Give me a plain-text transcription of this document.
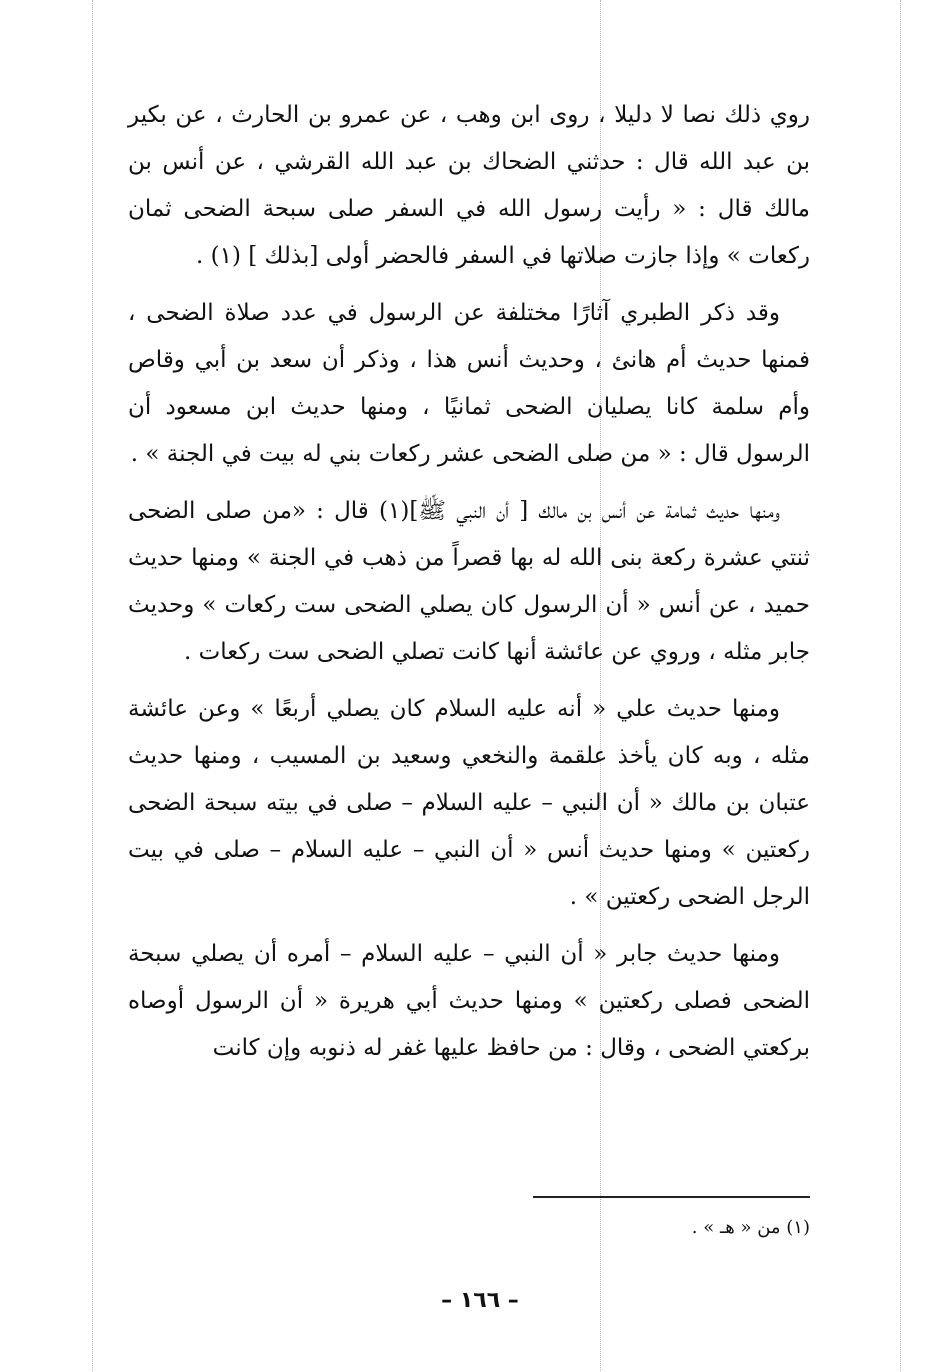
روي ذلك نصا لا دليلا ، روى ابن وهب ، عن عمرو بن الحارث ، عن بكير بن عبد الله قال : حدثني الضحاك بن عبد الله القرشي ، عن أنس بن مالك قال : « رأيت رسول الله في السفر صلى سبحة الضحى ثمان ركعات » وإذا جازت صلاتها في السفر فالحضر أولى [بذلك ] (١) .

وقد ذكر الطبري آثارًا مختلفة عن الرسول في عدد صلاة الضحى ، فمنها حديث أم هانئ ، وحديث أنس هذا ، وذكر أن سعد بن أبي وقاص وأم سلمة كانا يصليان الضحى ثمانيًا ، ومنها حديث ابن مسعود أن الرسول قال : « من صلى الضحى عشر ركعات بني له بيت في الجنة » .

ومنها حديث ثمامة عن أنس بن مالك [ أن النبي ﷺ](١) قال : «من صلى الضحى ثنتي عشرة ركعة بنى الله له بها قصراً من ذهب في الجنة » ومنها حديث حميد ، عن أنس « أن الرسول كان يصلي الضحى ست ركعات » وحديث جابر مثله ، وروي عن عائشة أنها كانت تصلي الضحى ست ركعات .

ومنها حديث علي « أنه عليه السلام كان يصلي أربعًا » وعن عائشة مثله ، وبه كان يأخذ علقمة والنخعي وسعيد بن المسيب ، ومنها حديث عتبان بن مالك « أن النبي – عليه السلام – صلى في بيته سبحة الضحى ركعتين » ومنها حديث أنس « أن النبي – عليه السلام – صلى في بيت الرجل الضحى ركعتين » .

ومنها حديث جابر « أن النبي – عليه السلام – أمره أن يصلي سبحة الضحى فصلى ركعتين » ومنها حديث أبي هريرة « أن الرسول أوصاه بركعتي الضحى ، وقال : من حافظ عليها غفر له ذنوبه وإن كانت

(١) من « هـ » .
– ١٦٦ –
